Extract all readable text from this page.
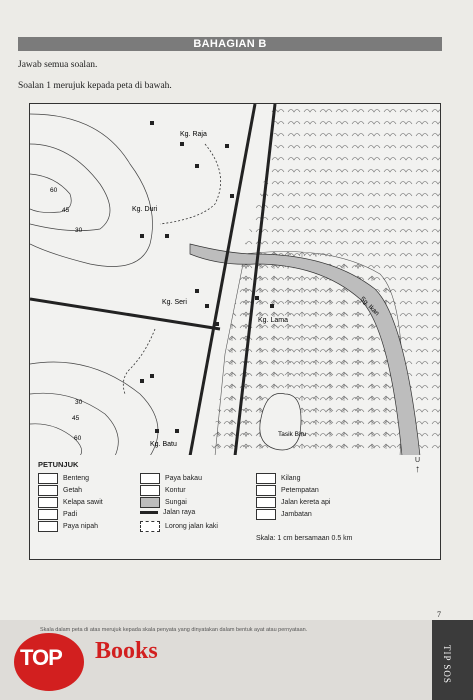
BAHAGIAN B
Jawab semua soalan.
Soalan 1 merujuk kepada peta di bawah.
Kg. Raja
Kg. Duri
Kg. Seri
Kg. Lama
Kg. Batu
Tasik Biru
Sg. Ikan
60
45
30
30
45
60
PETUNJUK
Benteng
Getah
Kelapa sawit
Padi
Paya nipah
Paya bakau
Kontur
Sungai
Jalan raya
Lorong jalan kaki
Kilang
Petempatan
Jalan kereta api
Jambatan
Skala: 1 cm bersamaan 0.5 km
U
↑
7
Skala dalam peta di atas merujuk kepada skala penyata yang dinyatakan dalam bentuk ayat atau pernyataan.
TOP Books	TIP SOS
